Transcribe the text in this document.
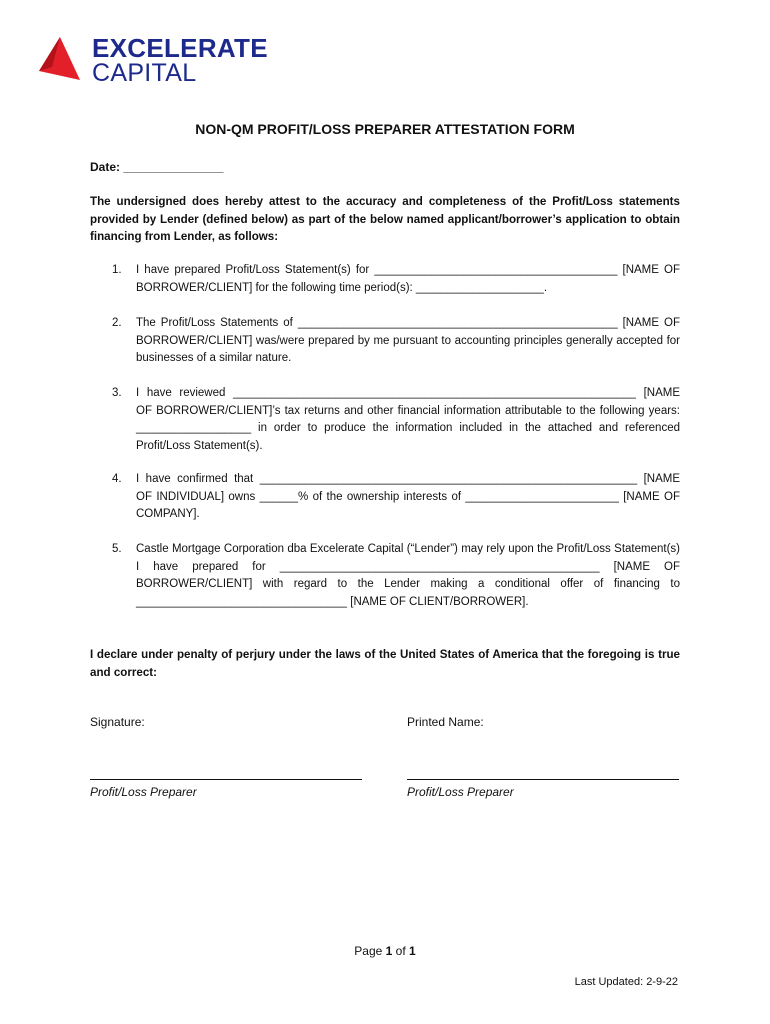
EXCELERATE
CAPITAL
NON-QM PROFIT/LOSS PREPARER ATTESTATION FORM
Date: _______________
The undersigned does hereby attest to the accuracy and completeness of the Profit/Loss statements provided by Lender (defined below) as part of the below named applicant/borrower’s application to obtain financing from Lender, as follows:
1. I have prepared Profit/Loss Statement(s) for ______________________________________ [NAME OF BORROWER/CLIENT] for the following time period(s): ____________________.
2. The Profit/Loss Statements of __________________________________________________ [NAME OF BORROWER/CLIENT] was/were prepared by me pursuant to accounting principles generally accepted for businesses of a similar nature.
3. I have reviewed _______________________________________________________________ [NAME OF BORROWER/CLIENT]’s tax returns and other financial information attributable to the following years: __________________ in order to produce the information included in the attached and referenced Profit/Loss Statement(s).
4. I have confirmed that ___________________________________________________________ [NAME OF INDIVIDUAL] owns ______% of the ownership interests of ________________________ [NAME OF COMPANY].
5. Castle Mortgage Corporation dba Excelerate Capital (“Lender”) may rely upon the Profit/Loss Statement(s) I have prepared for __________________________________________________ [NAME OF BORROWER/CLIENT] with regard to the Lender making a conditional offer of financing to _________________________________ [NAME OF CLIENT/BORROWER].
I declare under penalty of perjury under the laws of the United States of America that the foregoing is true and correct:
Signature:	Printed Name:
Profit/Loss Preparer	Profit/Loss Preparer
Page 1 of 1
Last Updated: 2-9-22
